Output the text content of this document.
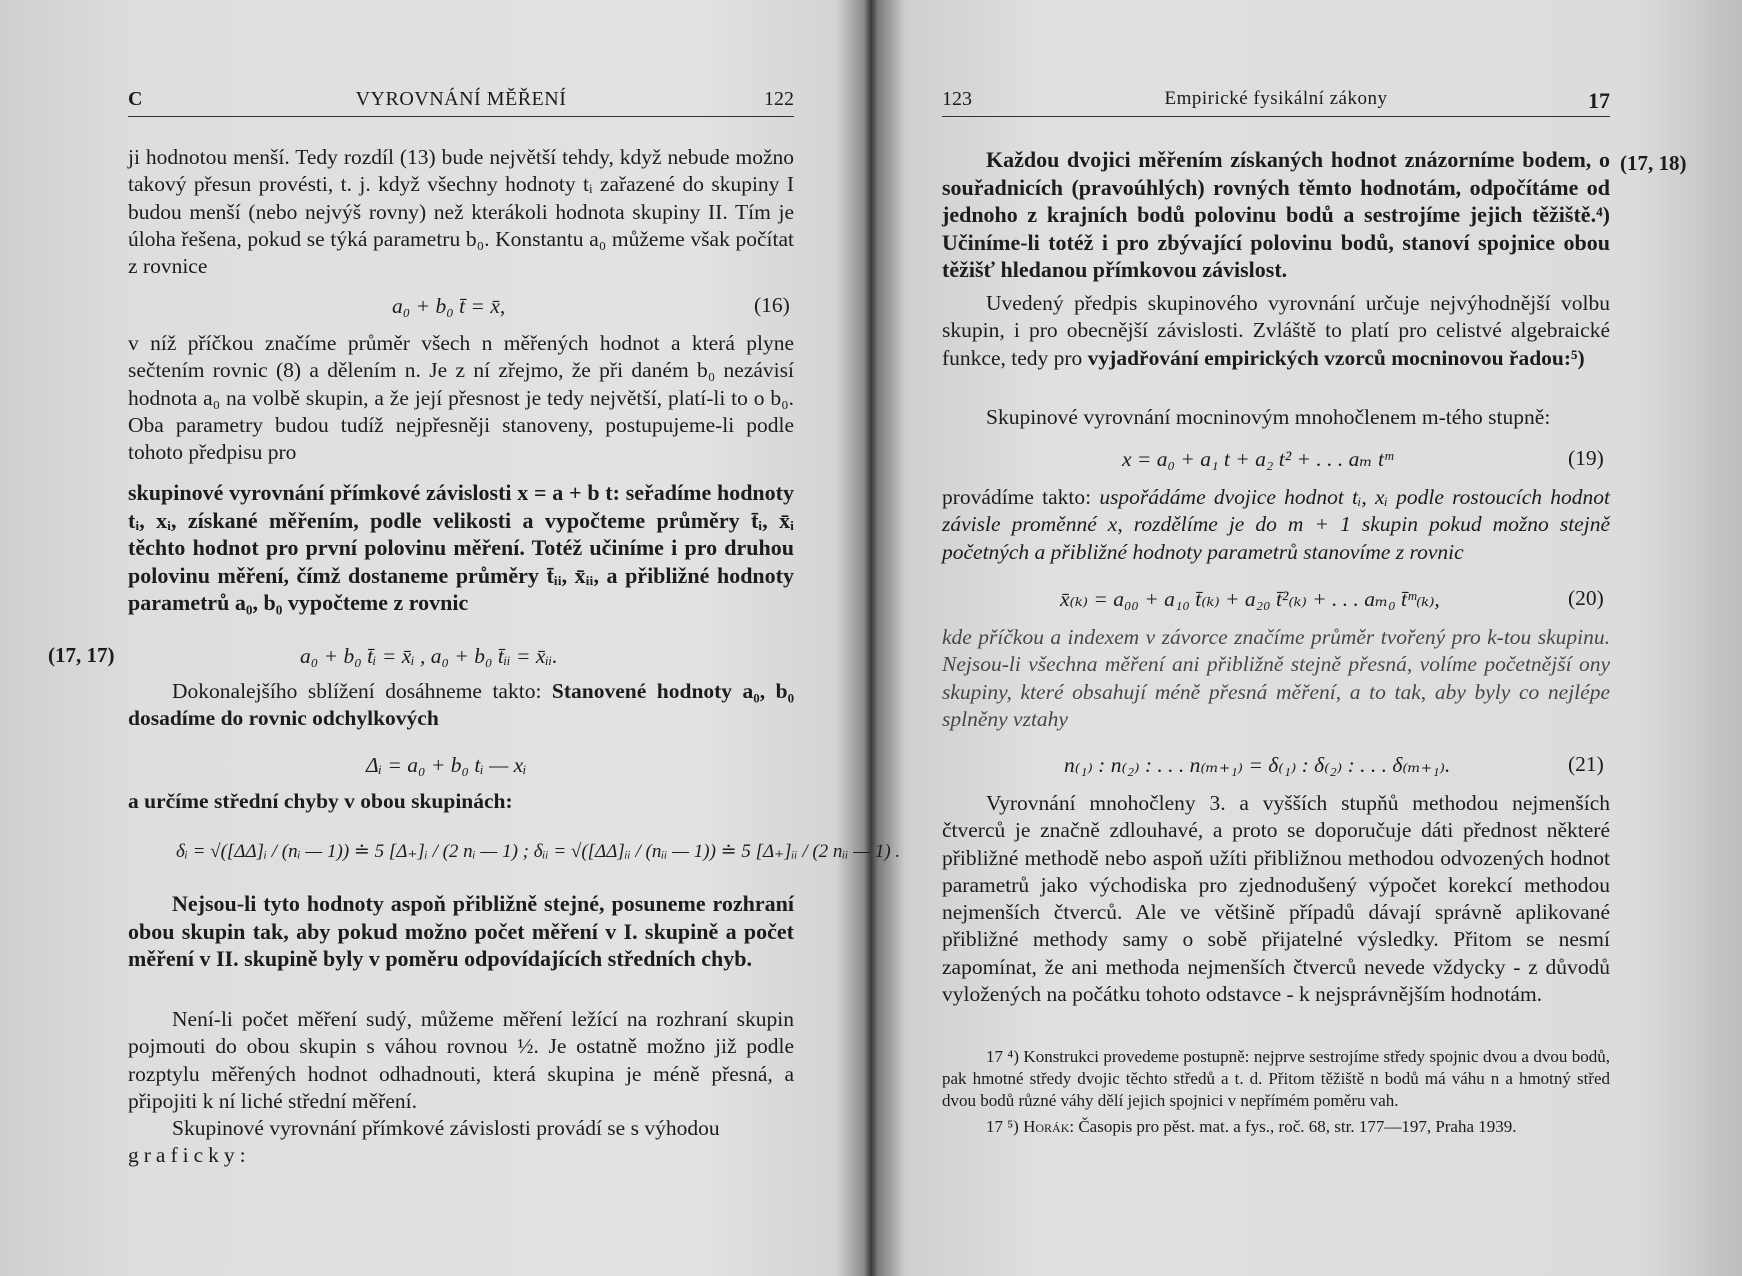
C	VYROVNÁNÍ MĚŘENÍ	122

ji hodnotou menší. Tedy rozdíl (13) bude největší tehdy, když nebude možno takový přesun provésti, t. j. když všechny hodnoty tᵢ zařazené do skupiny I budou menší (nebo nejvýš rovny) než kterákoli hodnota skupiny II. Tím je úloha řešena, pokud se týká parametru b₀. Konstantu a₀ můžeme však počítat z rovnice

a₀ + b₀ t̄ = x̄,	(16)

v níž příčkou značíme průměr všech n měřených hodnot a která plyne sečtením rovnic (8) a dělením n. Je z ní zřejmo, že při daném b₀ nezávisí hodnota a₀ na volbě skupin, a že její přesnost je tedy největší, platí-li to o b₀. Oba parametry budou tudíž nejpřesněji stanoveny, postupujeme-li podle tohoto předpisu pro

skupinové vyrovnání přímkové závislosti x = a + b t: seřadíme hodnoty tᵢ, xᵢ, získané měřením, podle velikosti a vypočteme průměry t̄ᵢ, x̄ᵢ těchto hodnot pro první polovinu měření. Totéž učiníme i pro druhou polovinu měření, čímž dostaneme průměry t̄ᵢᵢ, x̄ᵢᵢ, a přibližné hodnoty parametrů a₀, b₀ vypočteme z rovnic

(17, 17)	a₀ + b₀ t̄ᵢ = x̄ᵢ , a₀ + b₀ t̄ᵢᵢ = x̄ᵢᵢ.

Dokonalejšího sblížení dosáhneme takto: Stanovené hodnoty a₀, b₀ dosadíme do rovnic odchylkových

Δᵢ = a₀ + b₀ tᵢ — xᵢ

a určíme střední chyby v obou skupinách:

δᵢ = √([ΔΔ]ᵢ / (nᵢ — 1)) ≐ 5 [Δ₊]ᵢ / (2 nᵢ — 1) ; δᵢᵢ = √([ΔΔ]ᵢᵢ / (nᵢᵢ — 1)) ≐ 5 [Δ₊]ᵢᵢ / (2 nᵢᵢ — 1) .

Nejsou-li tyto hodnoty aspoň přibližně stejné, posuneme rozhraní obou skupin tak, aby pokud možno počet měření v I. skupině a počet měření v II. skupině byly v poměru odpovídajících středních chyb.

Není-li počet měření sudý, můžeme měření ležící na rozhraní skupin pojmouti do obou skupin s váhou rovnou ½. Je ostatně možno již podle rozptylu měřených hodnot odhadnouti, která skupina je méně přesná, a připojiti k ní liché střední měření.

Skupinové vyrovnání přímkové závislosti provádí se s výhodou

graficky:

123	Empirické fysikální zákony	17
(17, 18)

Každou dvojici měřením získaných hodnot znázorníme bodem, o souřadnicích (pravoúhlých) rovných těmto hodnotám, odpočítáme od jednoho z krajních bodů polovinu bodů a sestrojíme jejich těžiště.⁴) Učiníme-li totéž i pro zbývající polovinu bodů, stanoví spojnice obou těžišť hledanou přímkovou závislost.

Uvedený předpis skupinového vyrovnání určuje nejvýhodnější volbu skupin, i pro obecnější závislosti. Zvláště to platí pro celistvé algebraické funkce, tedy pro vyjadřování empirických vzorců mocninovou řadou:⁵)

Skupinové vyrovnání mocninovým mnohočlenem m-tého stupně:

x = a₀ + a₁ t + a₂ t² + . . . aₘ tᵐ	(19)

provádíme takto: uspořádáme dvojice hodnot tᵢ, xᵢ podle rostoucích hodnot závisle proměnné x, rozdělíme je do m + 1 skupin pokud možno stejně početných a přibližné hodnoty parametrů stanovíme z rovnic

x̄₍ₖ₎ = a₀₀ + a₁₀ t̄₍ₖ₎ + a₂₀ t̄²₍ₖ₎ + . . . aₘ₀ t̄ᵐ₍ₖ₎,	(20)

kde příčkou a indexem v závorce značíme průměr tvořený pro k-tou skupinu. Nejsou-li všechna měření ani přibližně stejně přesná, volíme početnější ony skupiny, které obsahují méně přesná měření, a to tak, aby byly co nejlépe splněny vztahy

n₍₁₎ : n₍₂₎ : . . . n₍ₘ₊₁₎ = δ₍₁₎ : δ₍₂₎ : . . . δ₍ₘ₊₁₎.	(21)

Vyrovnání mnohočleny 3. a vyšších stupňů methodou nejmenších čtverců je značně zdlouhavé, a proto se doporučuje dáti přednost některé přibližné methodě nebo aspoň užíti přibližnou methodou odvozených hodnot parametrů jako východiska pro zjednodušený výpočet korekcí methodou nejmenších čtverců. Ale ve většině případů dávají správně aplikované přibližné methody samy o sobě přijatelné výsledky. Přitom se nesmí zapomínat, že ani methoda nejmenších čtverců nevede vždycky - z důvodů vyložených na počátku tohoto odstavce - k nejsprávnějším hodnotám.

17 ⁴) Konstrukci provedeme postupně: nejprve sestrojíme středy spojnic dvou a dvou bodů, pak hmotné středy dvojic těchto středů a t. d. Přitom těžiště n bodů má váhu n a hmotný střed dvou bodů různé váhy dělí jejich spojnici v nepřímém poměru vah.

17 ⁵) Horák: Časopis pro pěst. mat. a fys., roč. 68, str. 177—197, Praha 1939.
